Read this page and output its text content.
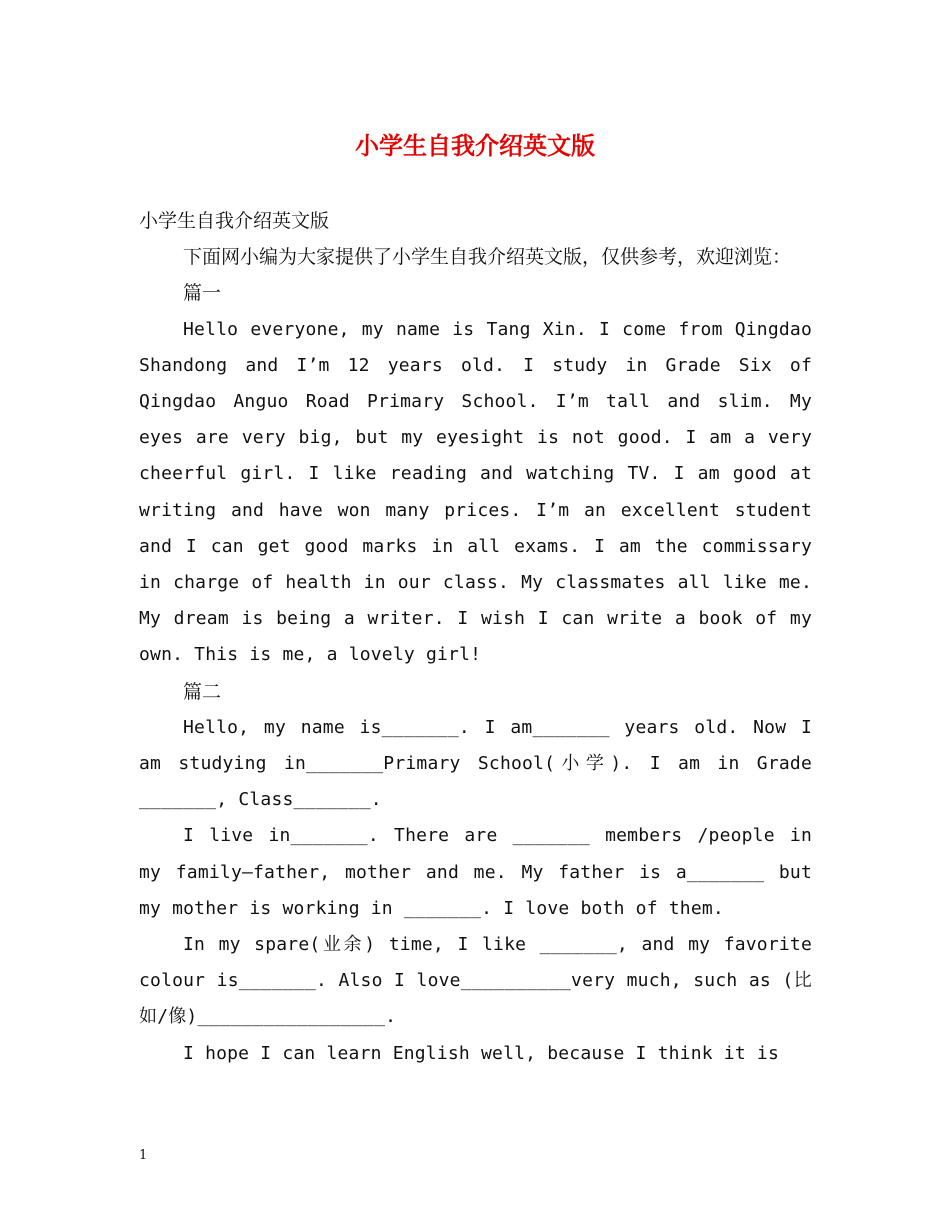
小学生自我介绍英文版

小学生自我介绍英文版

下面网小编为大家提供了小学生自我介绍英文版，仅供参考，欢迎浏览：

篇一

Hello everyone, my name is Tang Xin. I come from Qingdao Shandong and I’m 12 years old. I study in Grade Six of Qingdao Anguo Road Primary School. I’m tall and slim. My eyes are very big, but my eyesight is not good. I am a very cheerful girl. I like reading and watching TV. I am good at writing and have won many prices. I’m an excellent student and I can get good marks in all exams. I am the commissary in charge of health in our class. My classmates all like me. My dream is being a writer. I wish I can write a book of my own. This is me, a lovely girl!

篇二

Hello, my name is_______. I am_______ years old. Now I am studying in_______Primary School(小学). I am in Grade _______, Class_______.

I live in_______. There are _______ members /people in my family—father, mother and me. My father is a_______ but my mother is working in _______. I love both of them.

In my spare(业余) time, I like _______, and my favorite colour is_______. Also I love__________very much, such as (比如/像)_________________.

I hope I can learn English well, because I think it is

1
